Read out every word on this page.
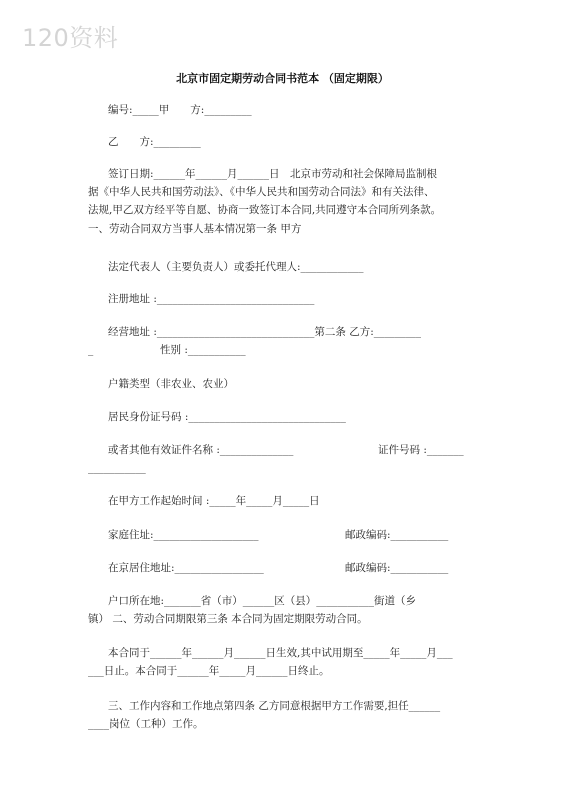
120资料
北京市固定期劳动合同书范本 （固定期限）
编号:_____甲　　方:_________
乙　　方:_________
签订日期:______年______月______日　北京市劳动和社会保障局监制根
据《中华人民共和国劳动法》、《中华人民共和国劳动合同法》和有关法律、
法规,甲乙双方经平等自愿、协商一致签订本合同,共同遵守本合同所列条款。
一、劳动合同双方当事人基本情况第一条 甲方
法定代表人（主要负责人）或委托代理人:____________
注册地址 :______________________________
经营地址 :______________________________第二条 乙方:_________
_	性别 :___________
户籍类型（非农业、农业）
居民身份证号码 :______________________________
或者其他有效证件名称 :______________	证件号码 :_______
___________
在甲方工作起始时间 :_____年_____月_____日
家庭住址:____________________	邮政编码:___________
在京居住地址:_________________	邮政编码:___________
户口所在地:_______省（市）______区（县）___________街道（乡
镇） 二、劳动合同期限第三条 本合同为固定期限劳动合同。
本合同于______年______月______日生效,其中试用期至_____年_____月___
___日止。本合同于______年_____月______日终止。
三、工作内容和工作地点第四条 乙方同意根据甲方工作需要,担任______
____岗位（工种）工作。
